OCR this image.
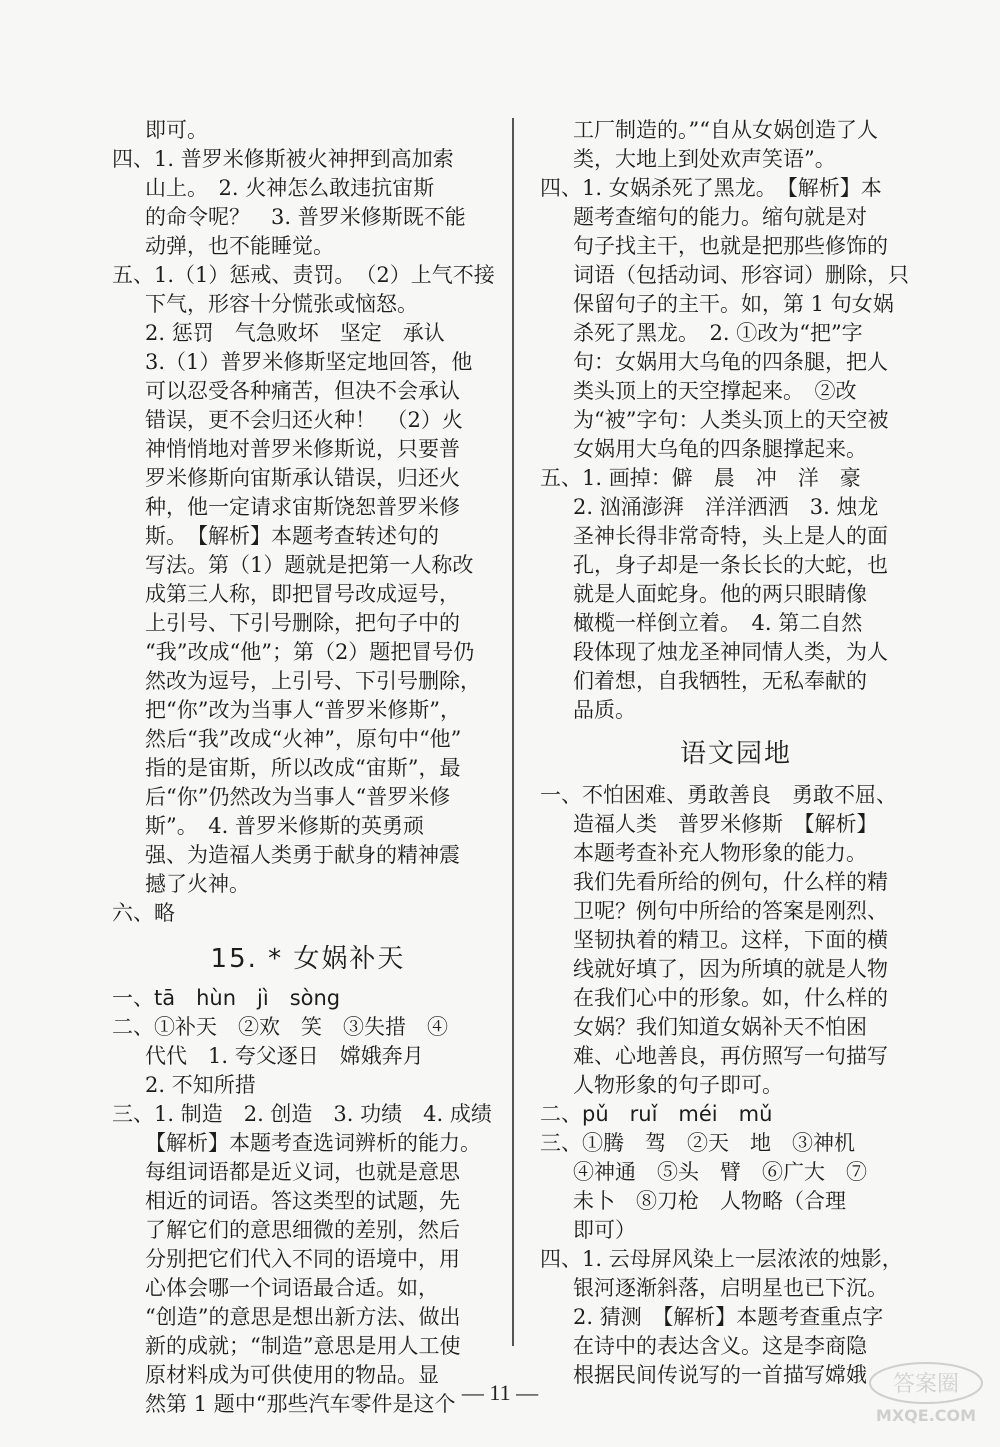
即可。
四、1. 普罗米修斯被火神押到高加索
山上。　2. 火神怎么敢违抗宙斯
的命令呢？　3. 普罗米修斯既不能
动弹，也不能睡觉。
五、1.（1）惩戒、责罚。　（2）上气不接
下气，形容十分慌张或恼怒。
2. 惩罚　气急败坏　坚定　承认
3.（1）普罗米修斯坚定地回答，他
可以忍受各种痛苦，但决不会承认
错误，更不会归还火种！　（2）火
神悄悄地对普罗米修斯说，只要普
罗米修斯向宙斯承认错误，归还火
种，他一定请求宙斯饶恕普罗米修
斯。　【解析】本题考查转述句的
写法。第（1）题就是把第一人称改
成第三人称，即把冒号改成逗号，
上引号、下引号删除，把句子中的
“我”改成“他”；第（2）题把冒号仍
然改为逗号，上引号、下引号删除，
把“你”改为当事人“普罗米修斯”，
然后“我”改成“火神”，原句中“他”
指的是宙斯，所以改成“宙斯”，最
后“你”仍然改为当事人“普罗米修
斯”。　4. 普罗米修斯的英勇顽
强、为造福人类勇于献身的精神震
撼了火神。
六、略
15. * 女娲补天
一、tā　hùn　jì　sòng
二、①补天　②欢　笑　③失措　④
代代　1. 夸父逐日　嫦娥奔月
2. 不知所措
三、1. 制造　2. 创造　3. 功绩　4. 成绩
【解析】本题考查选词辨析的能力。
每组词语都是近义词，也就是意思
相近的词语。答这类型的试题，先
了解它们的意思细微的差别，然后
分别把它们代入不同的语境中，用
心体会哪一个词语最合适。如，
“创造”的意思是想出新方法、做出
新的成就；“制造”意思是用人工使
原材料成为可供使用的物品。显
然第 1 题中“那些汽车零件是这个
工厂制造的。”“自从女娲创造了人
类，大地上到处欢声笑语”。
四、1. 女娲杀死了黑龙。　【解析】本
题考查缩句的能力。缩句就是对
句子找主干，也就是把那些修饰的
词语（包括动词、形容词）删除，只
保留句子的主干。如，第 1 句女娲
杀死了黑龙。　2. ①改为“把”字
句：女娲用大乌龟的四条腿，把人
类头顶上的天空撑起来。　②改
为“被”字句：人类头顶上的天空被
女娲用大乌龟的四条腿撑起来。
五、1. 画掉：僻　晨　冲　洋　豪
2. 汹涌澎湃　洋洋洒洒　3. 烛龙
圣神长得非常奇特，头上是人的面
孔，身子却是一条长长的大蛇，也
就是人面蛇身。他的两只眼睛像
橄榄一样倒立着。　4. 第二自然
段体现了烛龙圣神同情人类，为人
们着想，自我牺牲，无私奉献的
品质。
语文园地
一、不怕困难、勇敢善良　勇敢不屈、
造福人类　普罗米修斯　【解析】
本题考查补充人物形象的能力。
我们先看所给的例句，什么样的精
卫呢？例句中所给的答案是刚烈、
坚韧执着的精卫。这样，下面的横
线就好填了，因为所填的就是人物
在我们心中的形象。如，什么样的
女娲？我们知道女娲补天不怕困
难、心地善良，再仿照写一句描写
人物形象的句子即可。
二、pǔ　ruǐ　méi　mǔ
三、①腾　驾　②天　地　③神机
④神通　⑤头　臂　⑥广大　⑦
未卜　⑧刀枪　人物略（合理
即可）
四、1. 云母屏风染上一层浓浓的烛影，
银河逐渐斜落，启明星也已下沉。
2. 猜测　【解析】本题考查重点字
在诗中的表达含义。这是李商隐
根据民间传说写的一首描写嫦娥
— 11 —	答案圈
MXQE.COM
